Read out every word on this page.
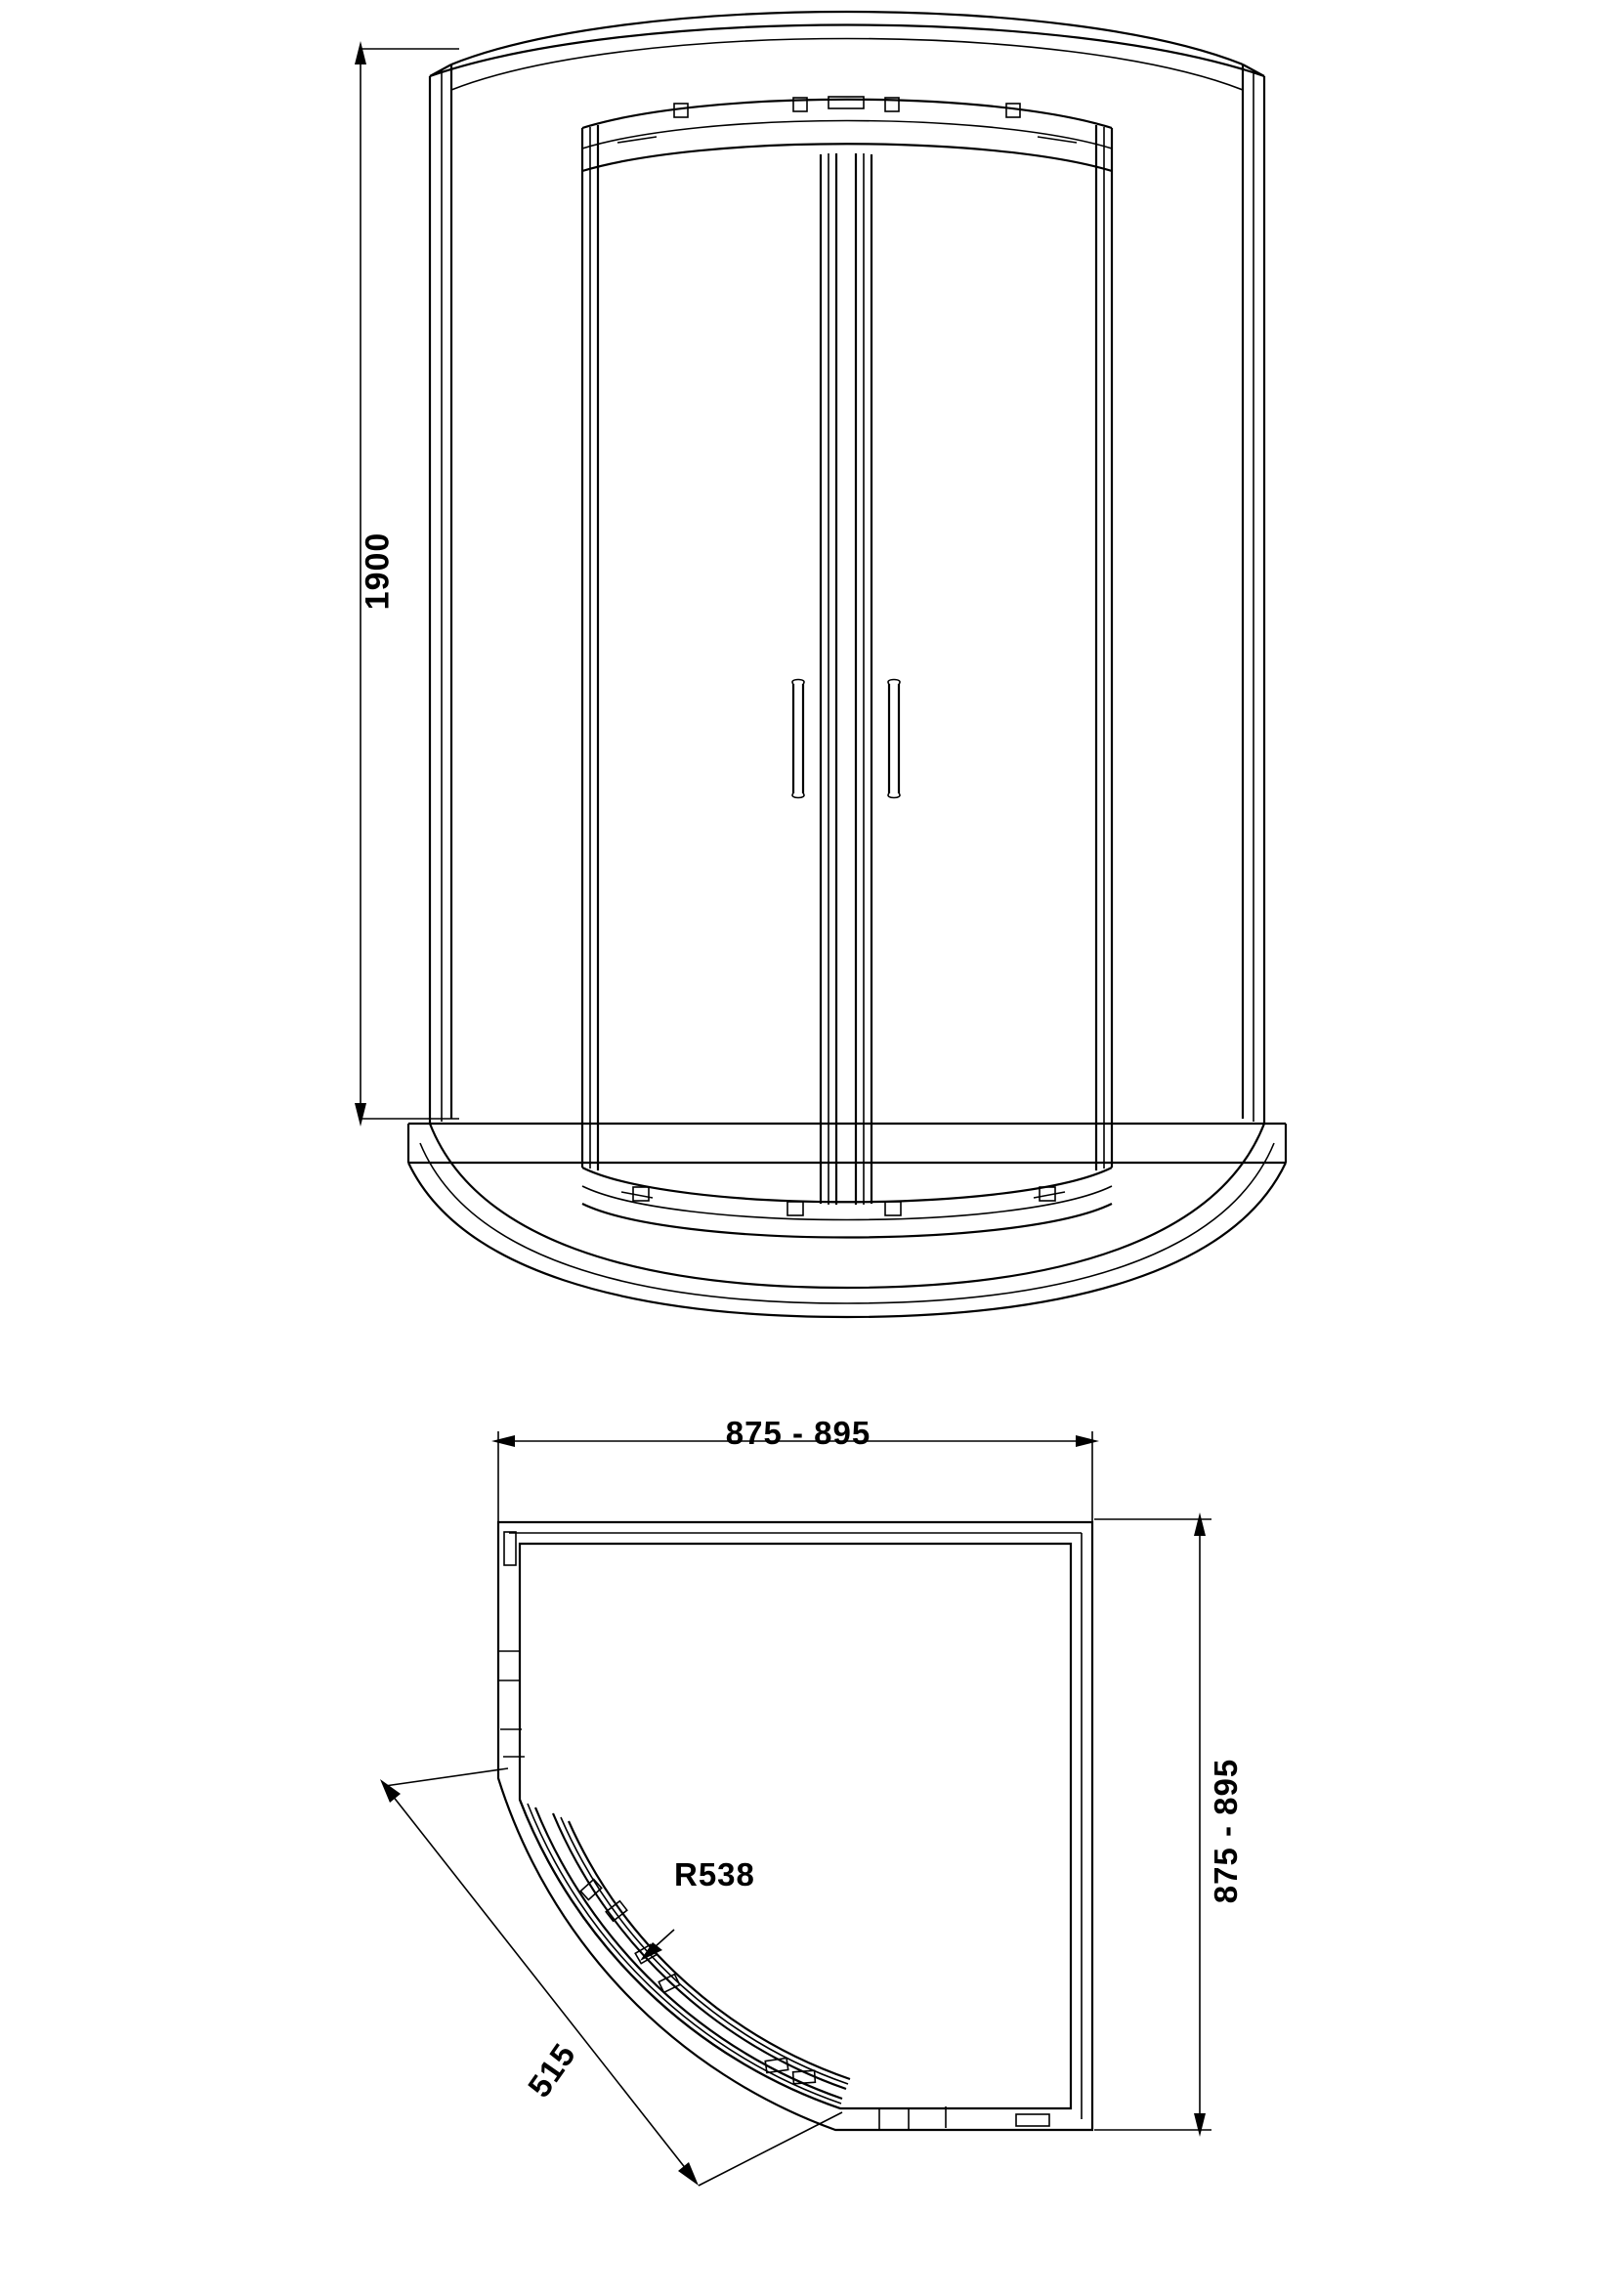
1900
875 - 895
875 - 895
R538
515
